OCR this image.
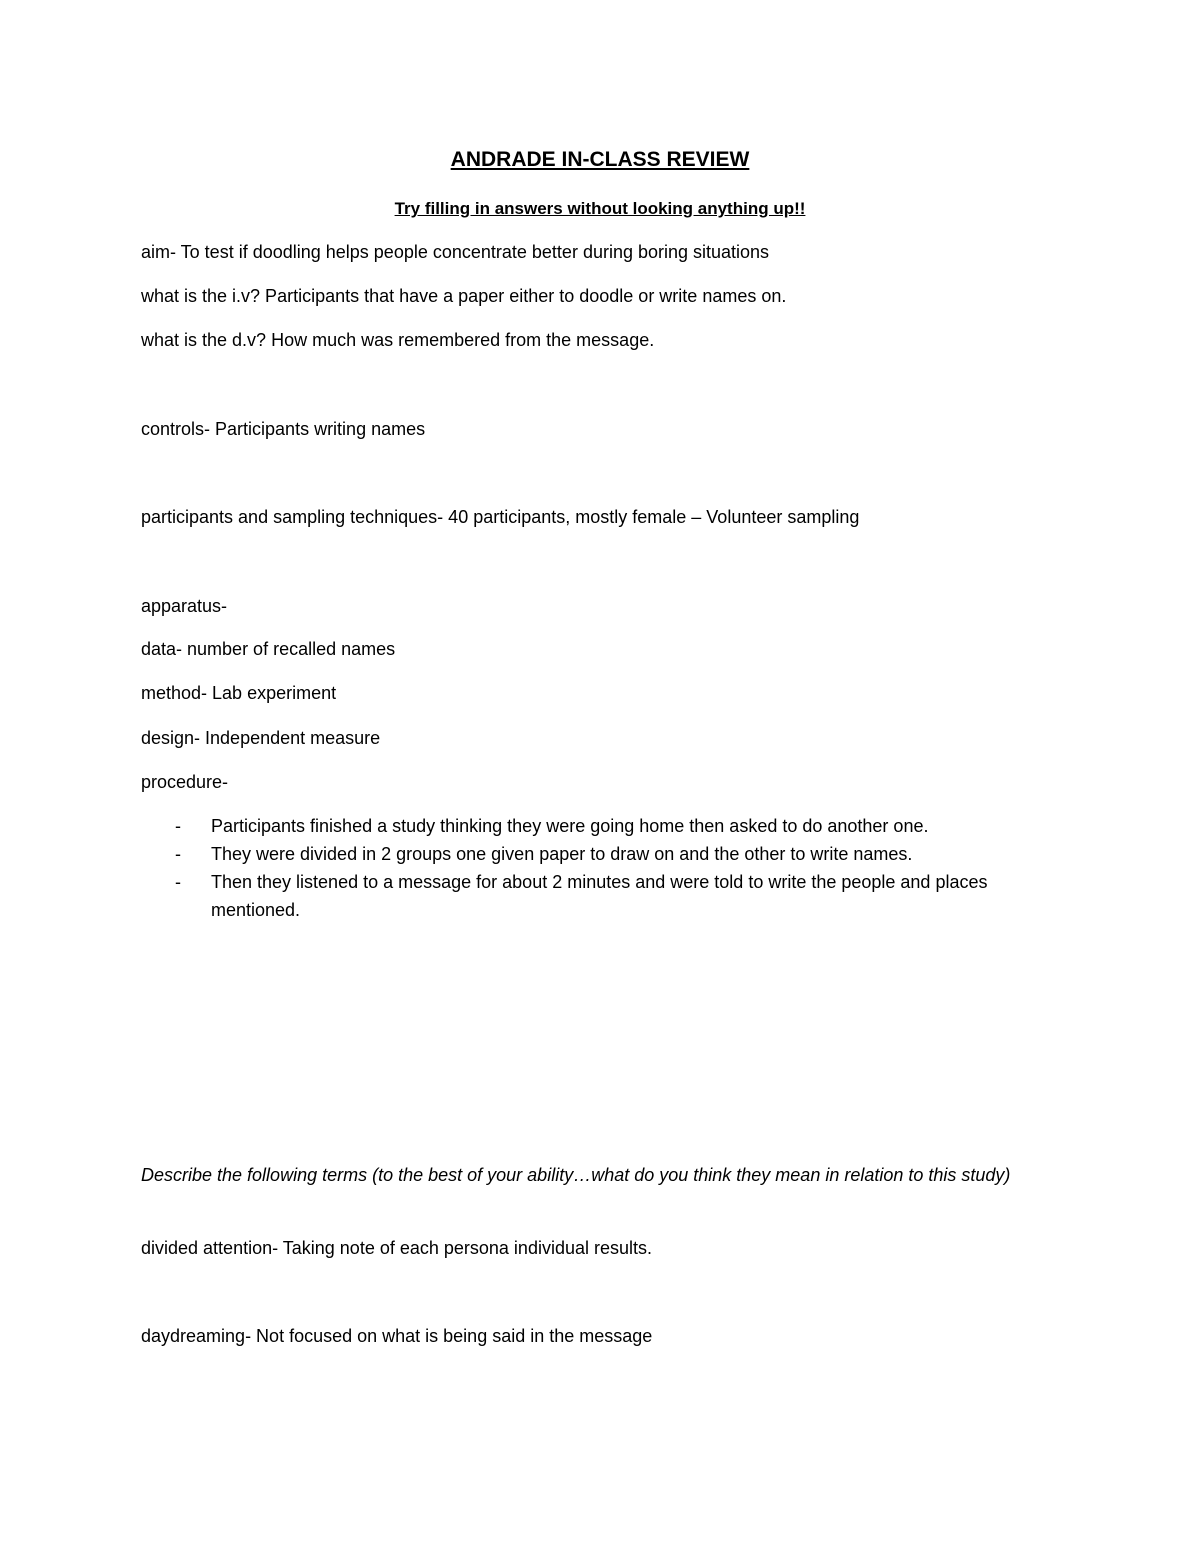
ANDRADE IN-CLASS REVIEW
Try filling in answers without looking anything up!!
aim- To test if doodling helps people concentrate better during boring situations
what is the i.v? Participants that have a paper either to doodle or write names on.
what is the d.v? How much was remembered from the message.
controls- Participants writing names
participants and sampling techniques- 40 participants, mostly female – Volunteer sampling
apparatus-
data- number of recalled names
method- Lab experiment
design- Independent measure
procedure-
-	Participants finished a study thinking they were going home then asked to do another one.
-	They were divided in 2 groups one given paper to draw on and the other to write names.
-	Then they listened to a message for about 2 minutes and were told to write the people and places mentioned.
Describe the following terms (to the best of your ability…what do you think they mean in relation to this study)
divided attention- Taking note of each persona individual results.
daydreaming- Not focused on what is being said in the message
